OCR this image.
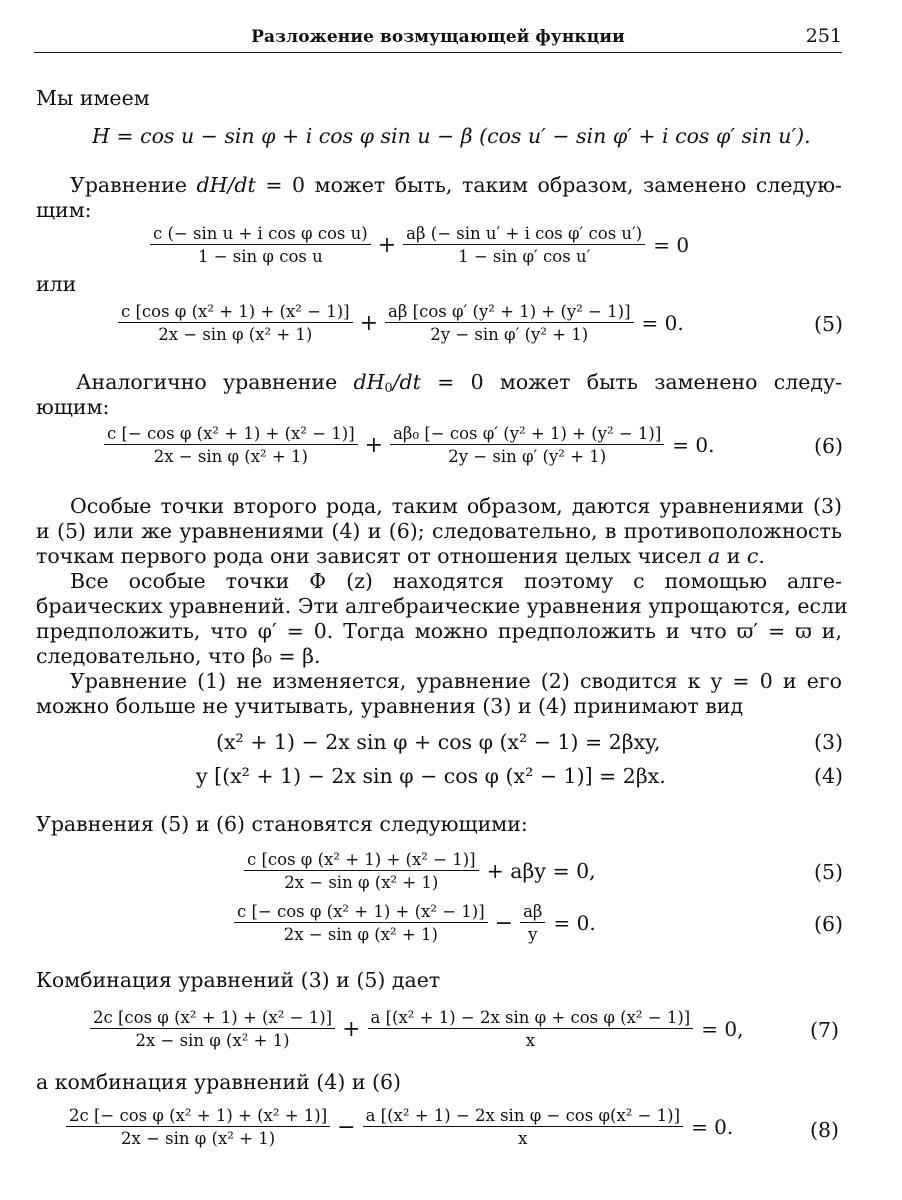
Разложение возмущающей функции	251
Мы имеем
H = cos u − sin φ + i cos φ sin u − β (cos u′ − sin φ′ + i cos φ′ sin u′).
Уравнение dH/dt = 0 может быть, таким образом, заменено следую-
щим:
$\frac{\text{c (− sin u + i cos φ cos u)}}{\text{1 − sin φ cos u}} + \frac{\text{aβ (− sin u′ + i cos φ′ cos u′)}}{\text{1 − sin φ′ cos u′}} = 0$
или
$\frac{\text{c [cos φ (x² + 1) + (x² − 1)]}}{\text{2x − sin φ (x² + 1)}} + \frac{\text{aβ [cos φ′ (y² + 1) + (y² − 1)]}}{\text{2y − sin φ′ (y² + 1)}} = 0$.	(5)
Аналогично уравнение $dH_0/dt = 0$ может быть заменено следу-
ющим:
$\frac{\text{c [− cos φ (x² + 1) + (x² − 1)]}}{\text{2x − sin φ (x² + 1)}} + \frac{\text{aβ₀ [− cos φ′ (y² + 1) + (y² − 1)]}}{\text{2y − sin φ′ (y² + 1)}} = 0$.	(6)
Особые точки второго рода, таким образом, даются уравнениями (3)
и (5) или же уравнениями (4) и (6); следовательно, в противоположность
точкам первого рода они зависят от отношения целых чисел a и c.
Все особые точки Φ (z) находятся поэтому с помощью алге-
браических уравнений. Эти алгебраические уравнения упрощаются, если
предположить, что φ′ = 0. Тогда можно предположить и что ϖ′ = ϖ и,
следовательно, что β₀ = β.
Уравнение (1) не изменяется, уравнение (2) сводится к y = 0 и его
можно больше не учитывать, уравнения (3) и (4) принимают вид
(x² + 1) − 2x sin φ + cos φ (x² − 1) = 2βxy,	(3)
y [(x² + 1) − 2x sin φ − cos φ (x² − 1)] = 2βx.	(4)
Уравнения (5) и (6) становятся следующими:
$\frac{\text{c [cos φ (x² + 1) + (x² − 1)]}}{\text{2x − sin φ (x² + 1)}} + a\beta y = 0$,	(5)
$\frac{\text{c [− cos φ (x² + 1) + (x² − 1)]}}{\text{2x − sin φ (x² + 1)}} - \frac{a\beta}{y} = 0$.	(6)
Комбинация уравнений (3) и (5) дает
$\frac{\text{2c [cos φ (x² + 1) + (x² − 1)]}}{\text{2x − sin φ (x² + 1)}} + \frac{\text{a [(x² + 1) − 2x sin φ + cos φ (x² − 1)]}}{x} = 0$,	(7)
а комбинация уравнений (4) и (6)
$\frac{\text{2c [− cos φ (x² + 1) + (x² + 1)]}}{\text{2x − sin φ (x² + 1)}} - \frac{\text{a [(x² + 1) − 2x sin φ − cos φ(x² − 1)]}}{x} = 0$.	(8)
